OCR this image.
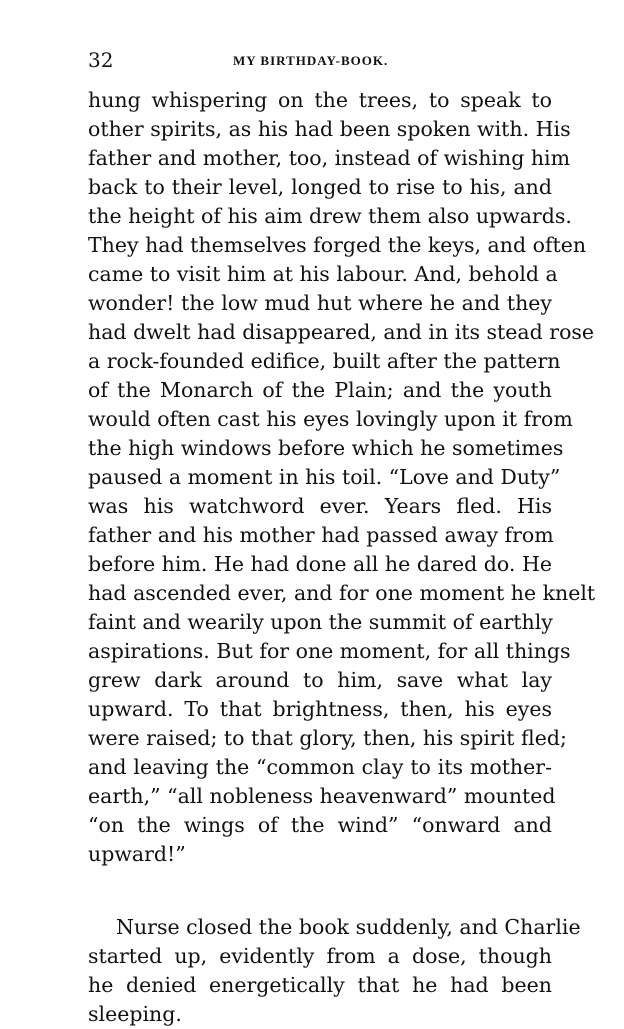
32	MY BIRTHDAY-BOOK.
hung whispering on the trees, to speak to
other spirits, as his had been spoken with. His
father and mother, too, instead of wishing him
back to their level, longed to rise to his, and
the height of his aim drew them also upwards.
They had themselves forged the keys, and often
came to visit him at his labour. And, behold a
wonder! the low mud hut where he and they
had dwelt had disappeared, and in its stead rose
a rock-founded edifice, built after the pattern
of the Monarch of the Plain; and the youth
would often cast his eyes lovingly upon it from
the high windows before which he sometimes
paused a moment in his toil. “Love and Duty”
was his watchword ever. Years fled. His
father and his mother had passed away from
before him. He had done all he dared do. He
had ascended ever, and for one moment he knelt
faint and wearily upon the summit of earthly
aspirations. But for one moment, for all things
grew dark around to him, save what lay
upward. To that brightness, then, his eyes
were raised; to that glory, then, his spirit fled;
and leaving the “common clay to its mother-
earth,” “all nobleness heavenward” mounted
“on the wings of the wind” “onward and
upward!”
Nurse closed the book suddenly, and Charlie
started up, evidently from a dose, though
he denied energetically that he had been
sleeping.
